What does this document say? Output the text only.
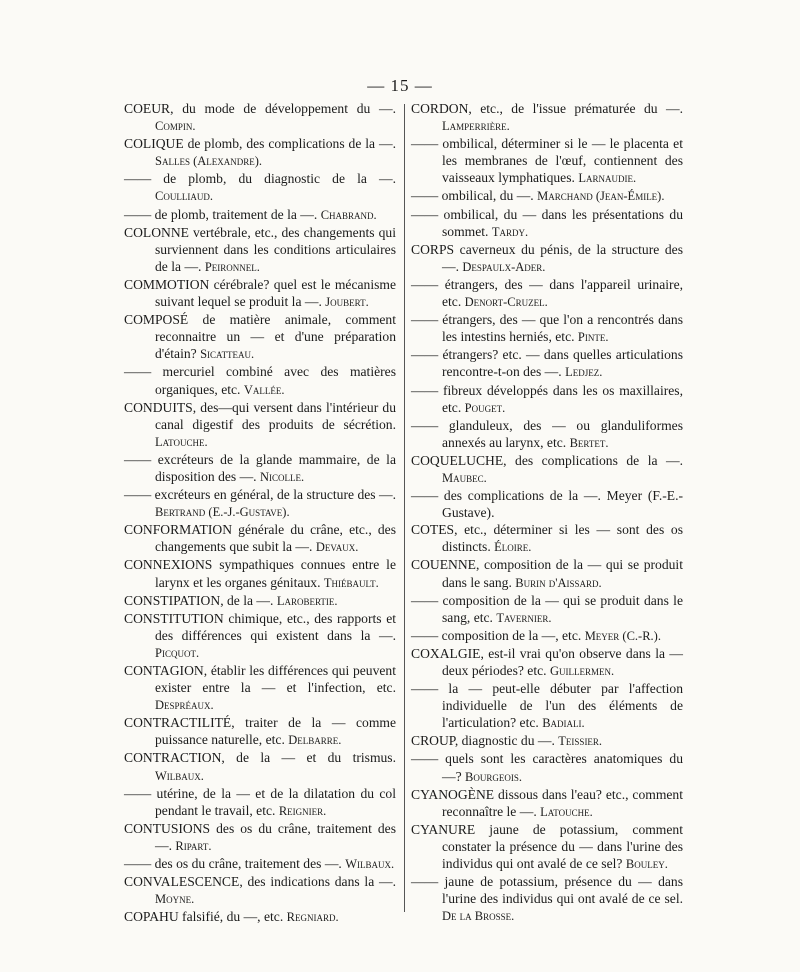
— 15 —

COEUR, du mode de développement du —. Compin.

COLIQUE de plomb, des complications de la —. Salles (Alexandre).

—— de plomb, du diagnostic de la —. Coulliaud.

—— de plomb, traitement de la —. Chabrand.

COLONNE vertébrale, etc., des changements qui surviennent dans les conditions articulaires de la —. Peironnel.

COMMOTION cérébrale? quel est le mécanisme suivant lequel se produit la —. Joubert.

COMPOSÉ de matière animale, comment reconnaitre un — et d'une préparation d'étain? Sicatteau.

—— mercuriel combiné avec des matières organiques, etc. Vallée.

CONDUITS, des—qui versent dans l'intérieur du canal digestif des produits de sécrétion. Latouche.

—— excréteurs de la glande mammaire, de la disposition des —. Nicolle.

—— excréteurs en général, de la structure des —. Bertrand (E.-J.-Gustave).

CONFORMATION générale du crâne, etc., des changements que subit la —. Devaux.

CONNEXIONS sympathiques connues entre le larynx et les organes génitaux. Thiébault.

CONSTIPATION, de la —. Larobertie.

CONSTITUTION chimique, etc., des rapports et des différences qui existent dans la —. Picquot.

CONTAGION, établir les différences qui peuvent exister entre la — et l'infection, etc. Despréaux.

CONTRACTILITÉ, traiter de la — comme puissance naturelle, etc. Delbarre.

CONTRACTION, de la — et du trismus. Wilbaux.

—— utérine, de la — et de la dilatation du col pendant le travail, etc. Reignier.

CONTUSIONS des os du crâne, traitement des —. Ripart.

—— des os du crâne, traitement des —. Wilbaux.

CONVALESCENCE, des indications dans la —. Moyne.

COPAHU falsifié, du —, etc. Regniard.

CORDON, etc., de l'issue prématurée du —. Lamperrière.

—— ombilical, déterminer si le — le placenta et les membranes de l'œuf, contiennent des vaisseaux lymphatiques. Larnaudie.

—— ombilical, du —. Marchand (Jean-Émile).

—— ombilical, du — dans les présentations du sommet. Tardy.

CORPS caverneux du pénis, de la structure des —. Despaulx-Ader.

—— étrangers, des — dans l'appareil urinaire, etc. Denort-Cruzel.

—— étrangers, des — que l'on a rencontrés dans les intestins herniés, etc. Pinte.

—— étrangers? etc. — dans quelles articulations rencontre-t-on des —. Ledjez.

—— fibreux développés dans les os maxillaires, etc. Pouget.

—— glanduleux, des — ou glanduliformes annexés au larynx, etc. Bertet.

COQUELUCHE, des complications de la —. Maubec.

—— des complications de la —. Meyer (F.-E.-Gustave).

COTES, etc., déterminer si les — sont des os distincts. Éloire.

COUENNE, composition de la — qui se produit dans le sang. Burin d'Aissard.

—— composition de la — qui se produit dans le sang, etc. Tavernier.

—— composition de la —, etc. Meyer (C.-R.).

COXALGIE, est-il vrai qu'on observe dans la — deux périodes? etc. Guillermen.

—— la — peut-elle débuter par l'affection individuelle de l'un des éléments de l'articulation? etc. Badiali.

CROUP, diagnostic du —. Teissier.

—— quels sont les caractères anatomiques du —? Bourgeois.

CYANOGÈNE dissous dans l'eau? etc., comment reconnaître le —. Latouche.

CYANURE jaune de potassium, comment constater la présence du — dans l'urine des individus qui ont avalé de ce sel? Bouley.

—— jaune de potassium, présence du — dans l'urine des individus qui ont avalé de ce sel. De la Brosse.
